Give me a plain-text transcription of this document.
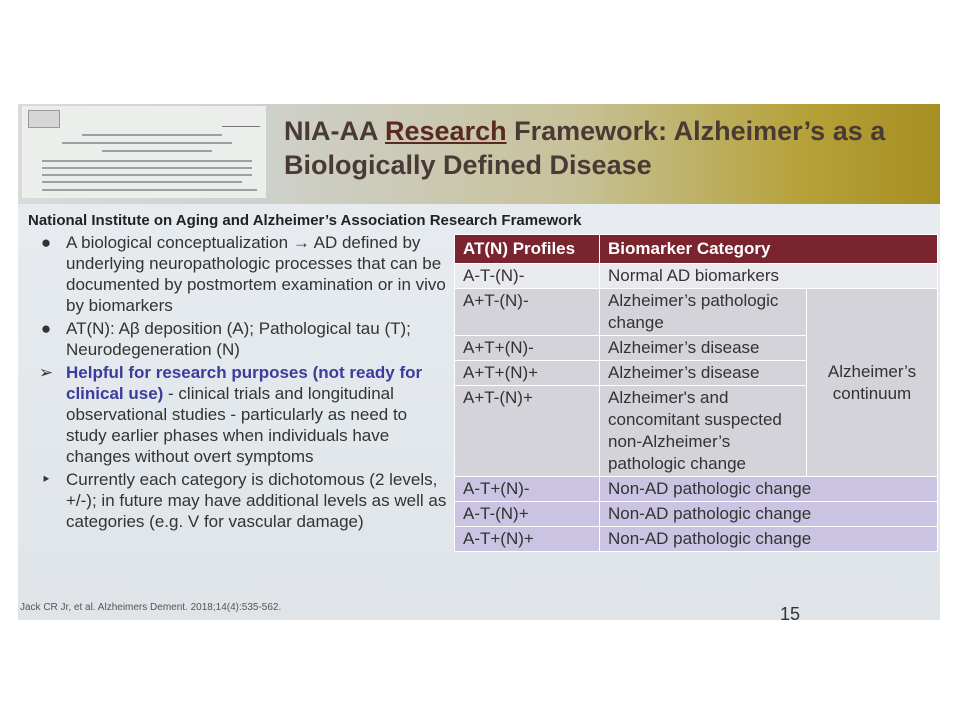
NIA-AA Research Framework: Alzheimer’s as a Biologically Defined Disease
National Institute on Aging and Alzheimer’s Association Research Framework
● A biological conceptualization → AD defined by underlying neuropathologic processes that can be documented by postmortem examination or in vivo by biomarkers
● AT(N): Aβ deposition (A); Pathological tau (T); Neurodegeneration (N)
➢ Helpful for research purposes (not ready for clinical use) - clinical trials and longitudinal observational studies - particularly as need to study earlier phases when individuals have changes without overt symptoms
‣ Currently each category is dichotomous (2 levels, +/-); in future may have additional levels as well as categories (e.g. V for vascular damage)
AT(N) Profiles	Biomarker Category	
A-T-(N)-	Normal AD biomarkers	
A+T-(N)-	Alzheimer’s pathologic change	Alzheimer’s continuum
A+T+(N)-	Alzheimer’s disease	
A+T+(N)+	Alzheimer’s disease	
A+T-(N)+	Alzheimer's and concomitant suspected non-Alzheimer’s pathologic change	
A-T+(N)-	Non-AD pathologic change	
A-T-(N)+	Non-AD pathologic change	
A-T+(N)+	Non-AD pathologic change	
Jack CR Jr, et al. Alzheimers Dement. 2018;14(4):535-562.	15
